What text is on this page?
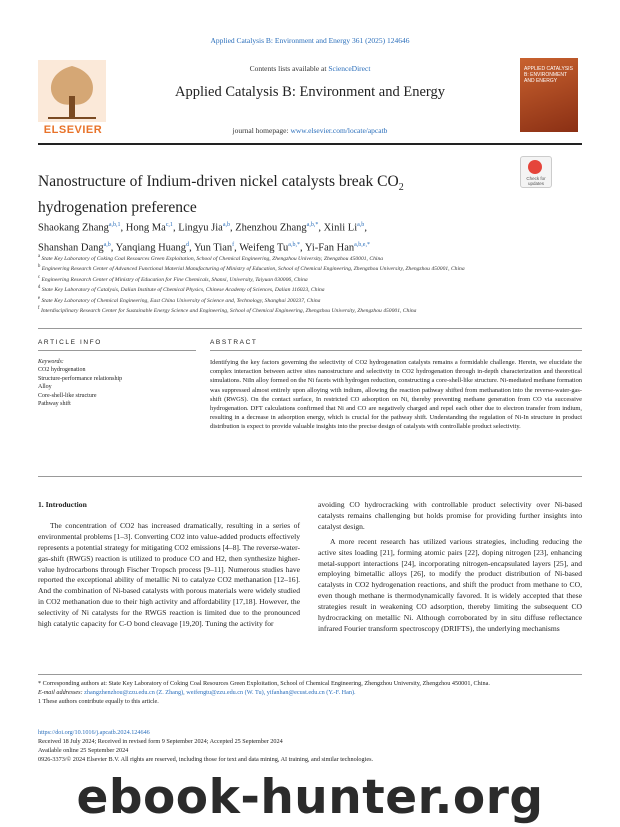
Applied Catalysis B: Environment and Energy 361 (2025) 124646
ELSEVIER
Contents lists available at ScienceDirect
Applied Catalysis B: Environment and Energy
journal homepage: www.elsevier.com/locate/apcatb
APPLIED CATALYSIS B: ENVIRONMENT AND ENERGY
Nanostructure of Indium-driven nickel catalysts break $CO_2$
hydrogenation preference
Check for updates
Shaokang Zhang$^{a,b,1}$, Hong Ma$^{c,1}$, Lingyu Jia$^{a,b}$, Zhenzhou Zhang$^{a,b,*}$, Xinli Li$^{a,b}$,
Shanshan Dang$^{a,b}$, Yanqiang Huang$^d$, Yun Tian$^f$, Weifeng $Tu^{a,b,*}$, Yi-Fan Han$^{a,b,e,*}$
$^a$ State Key Laboratory of Coking Coal Resources Green Exploitation, School of Chemical Engineering, Zhengzhou University, Zhengzhou 450001, China
$^b$ Engineering Research Center of Advanced Functional Material Manufacturing of Ministry of Education, School of Chemical Engineering, Zhengzhou University, Zhengzhou 450001, China
$^c$ Engineering Research Center of Ministry of Education for Fine Chemicals, Shanxi, University, Taiyuan 030006, China
$^d$ State Key Laboratory of Catalysis, Dalian Institute of Chemical Physics, Chinese Academy of Sciences, Dalian 116023, China
$^e$ State Key Laboratory of Chemical Engineering, East China University of Science and, Technology, Shanghai 200237, China
$^f$ Interdisciplinary Research Center for Sustainable Energy Science and Engineering, School of Chemical Engineering, Zhengzhou University, Zhengzhou 450001, China
ARTICLE INFO	ABSTRACT
Keywords:
CO2 hydrogenation
Structure-performance relationship
Alloy
Core-shell-like structure
Pathway shift
Identifying the key factors governing the selectivity of CO2 hydrogenation catalysts remains a formidable challenge. Herein, we elucidate the complex interaction between active sites nanostructure and selectivity in CO2 hydrogenation through in-depth characterization and theoretical simulations. NiIn alloy formed on the Ni facets with hydrogen reduction, constructing a core-shell-like structure. Ni-mediated methane formation was suppressed almost entirely upon alloying with indium, allowing the reaction pathway shifted from methanation into the reverse-water-gas-shift (RWGS). On the contact surface, In restricted CO adsorption on Ni, thereby preventing methane generation from CO via successive hydrogenation. DFT calculations confirmed that Ni and CO are negatively charged and repel each other due to electron transfer from indium, resulting in a decrease in adsorption energy, which is crucial for the pathway shift. Understanding the regulation of Ni-In structure in product distribution is expect to provide valuable insights into the precise design of catalysts with controllable product selectivity.
1. Introduction

The concentration of CO2 has increased dramatically, resulting in a series of environmental problems [1–3]. Converting CO2 into value-added products effectively represents a potential strategy for mitigating CO2 emissions [4–8]. The reverse-water-gas-shift (RWGS) reaction is utilized to produce CO and H2, then synthesize higher-value hydrocarbons through Fischer Tropsch process [9–11]. Numerous studies have reported the exceptional ability of metallic Ni to catalyze CO2 methanation [12–16]. And the combination of Ni-based catalysts with porous materials were widely studied in CO2 methanation due to their high activity and affordability [17,18]. However, the selectivity of Ni catalysts for the RWGS reaction is limited due to the pronounced high catalytic capacity for C-O bond cleavage [19,20]. Tuning the activity for

avoiding CO hydrocracking with controllable product selectivity over Ni-based catalysts remains challenging but holds promise for providing further insights into catalyst design.

A more recent research has utilized various strategies, including reducing the active sites loading [21], forming atomic pairs [22], doping nitrogen [23], enhancing metal-support interactions [24], incorporating nitrogen-encapsulated layers [25], and employing bimetallic alloys [26], to modify the product distribution of Ni-based catalysts in CO2 hydrogenation reactions, and shift the product from methane to CO, even though methane is thermodynamically favored. It is widely accepted that these strategies result in weakening CO adsorption, thereby limiting the subsequent CO hydrocracking on metallic Ni. Although corroborated by in situ diffuse reflectance infrared Fourier transform spectroscopy (DRIFTS), the underlying mechanisms

* Corresponding authors at: State Key Laboratory of Coking Coal Resources Green Exploitation, School of Chemical Engineering, Zhengzhou University, Zhengzhou 450001, China.
E-mail addresses: zhangzhenzhou@zzu.edu.cn (Z. Zhang), weifengtu@zzu.edu.cn (W. Tu), yifanhan@ecust.edu.cn (Y.-F. Han).
1 These authors contribute equally to this article.
https://doi.org/10.1016/j.apcatb.2024.124646
Received 18 July 2024; Received in revised form 9 September 2024; Accepted 25 September 2024
Available online 25 September 2024
0926-3373/© 2024 Elsevier B.V. All rights are reserved, including those for text and data mining, AI training, and similar technologies.
ebook-hunter.org
